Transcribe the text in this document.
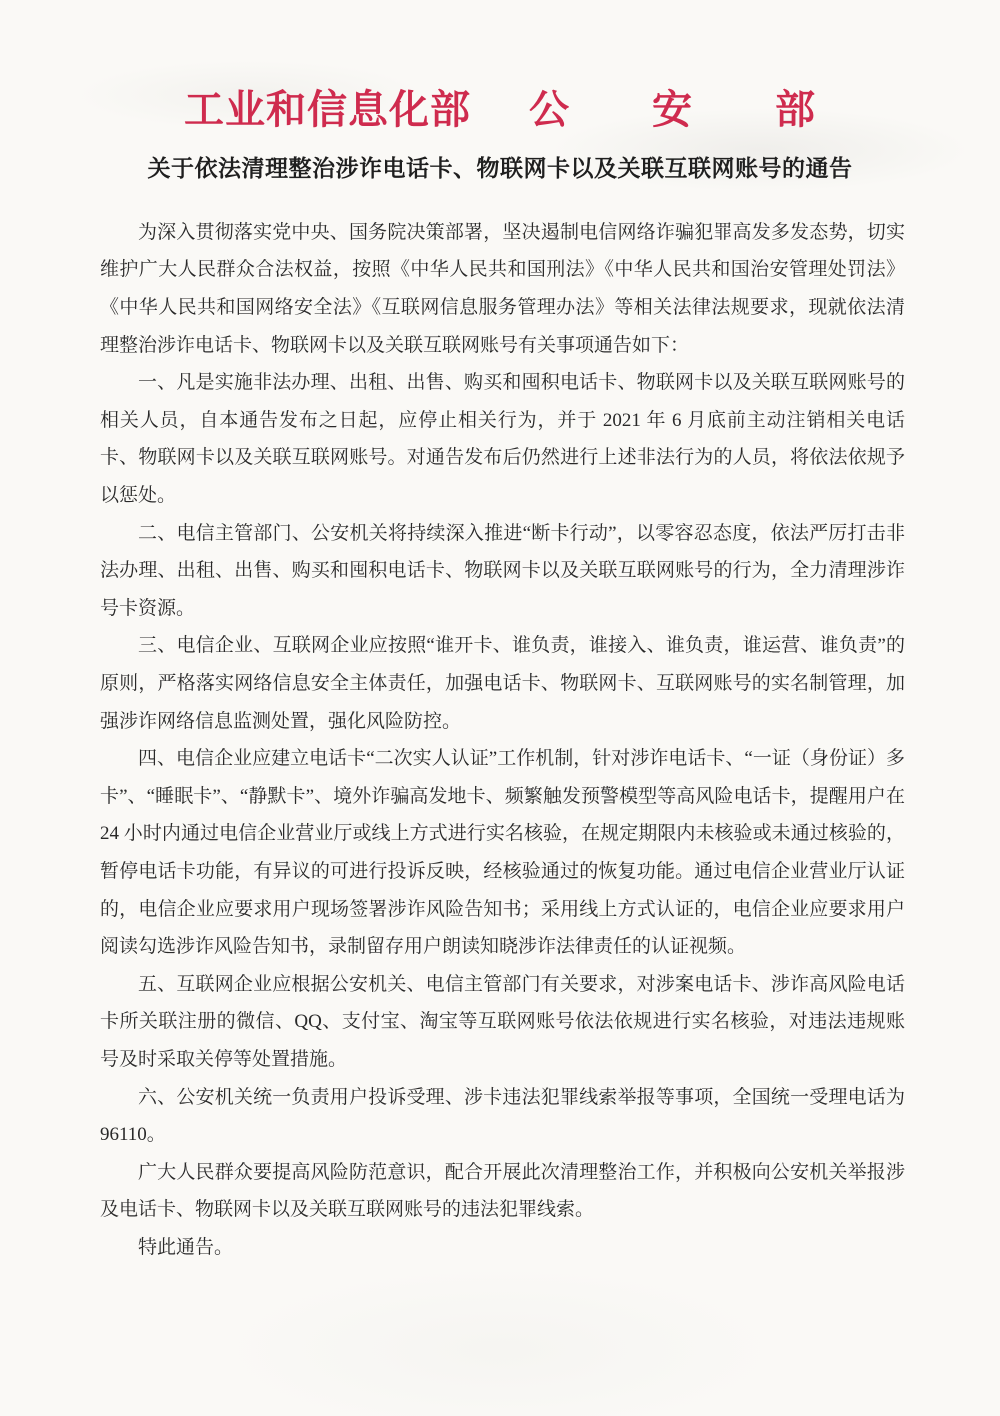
工业和信息化部 公　　安　　部
关于依法清理整治涉诈电话卡、物联网卡以及关联互联网账号的通告

为深入贯彻落实党中央、国务院决策部署，坚决遏制电信网络诈骗犯罪高发多发态势，切实维护广大人民群众合法权益，按照《中华人民共和国刑法》《中华人民共和国治安管理处罚法》《中华人民共和国网络安全法》《互联网信息服务管理办法》等相关法律法规要求，现就依法清理整治涉诈电话卡、物联网卡以及关联互联网账号有关事项通告如下：

一、凡是实施非法办理、出租、出售、购买和囤积电话卡、物联网卡以及关联互联网账号的相关人员，自本通告发布之日起，应停止相关行为，并于 2021 年 6 月底前主动注销相关电话卡、物联网卡以及关联互联网账号。对通告发布后仍然进行上述非法行为的人员，将依法依规予以惩处。

二、电信主管部门、公安机关将持续深入推进“断卡行动”，以零容忍态度，依法严厉打击非法办理、出租、出售、购买和囤积电话卡、物联网卡以及关联互联网账号的行为，全力清理涉诈号卡资源。

三、电信企业、互联网企业应按照“谁开卡、谁负责，谁接入、谁负责，谁运营、谁负责”的原则，严格落实网络信息安全主体责任，加强电话卡、物联网卡、互联网账号的实名制管理，加强涉诈网络信息监测处置，强化风险防控。

四、电信企业应建立电话卡“二次实人认证”工作机制，针对涉诈电话卡、“一证（身份证）多卡”、“睡眠卡”、“静默卡”、境外诈骗高发地卡、频繁触发预警模型等高风险电话卡，提醒用户在 24 小时内通过电信企业营业厅或线上方式进行实名核验，在规定期限内未核验或未通过核验的，暂停电话卡功能，有异议的可进行投诉反映，经核验通过的恢复功能。通过电信企业营业厅认证的，电信企业应要求用户现场签署涉诈风险告知书；采用线上方式认证的，电信企业应要求用户阅读勾选涉诈风险告知书，录制留存用户朗读知晓涉诈法律责任的认证视频。

五、互联网企业应根据公安机关、电信主管部门有关要求，对涉案电话卡、涉诈高风险电话卡所关联注册的微信、QQ、支付宝、淘宝等互联网账号依法依规进行实名核验，对违法违规账号及时采取关停等处置措施。

六、公安机关统一负责用户投诉受理、涉卡违法犯罪线索举报等事项，全国统一受理电话为 96110。

广大人民群众要提高风险防范意识，配合开展此次清理整治工作，并积极向公安机关举报涉及电话卡、物联网卡以及关联互联网账号的违法犯罪线索。

特此通告。
